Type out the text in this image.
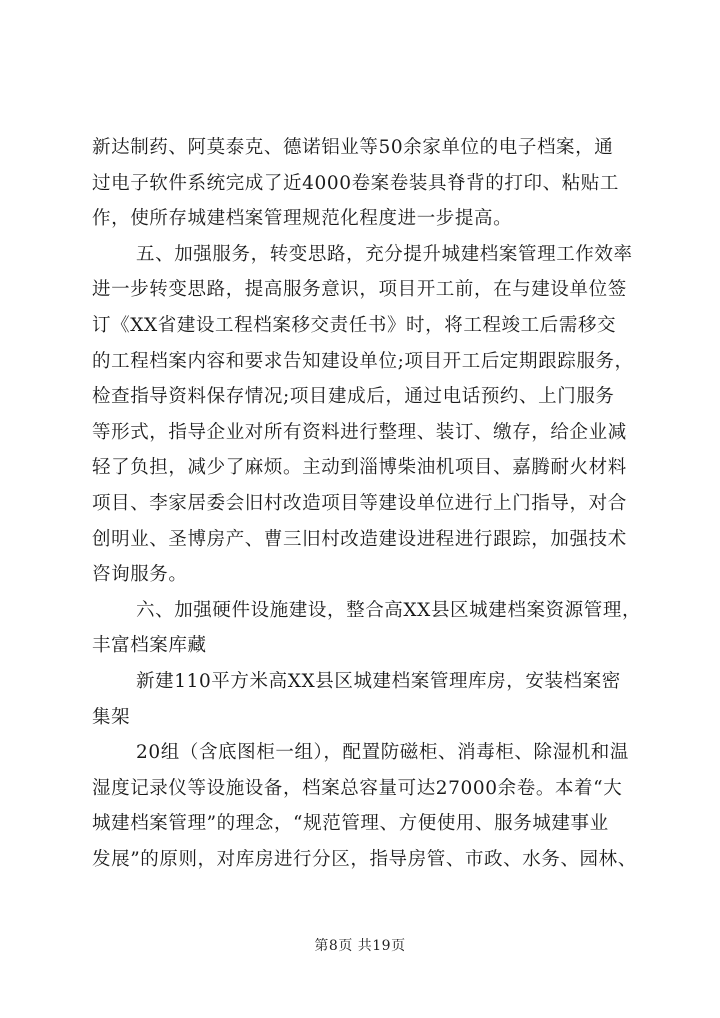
新达制药、阿莫泰克、德诺铝业等50余家单位的电子档案，通
过电子软件系统完成了近4000卷案卷装具脊背的打印、粘贴工
作，使所存城建档案管理规范化程度进一步提高。
五、加强服务，转变思路，充分提升城建档案管理工作效率
进一步转变思路，提高服务意识，项目开工前，在与建设单位签
订《XX省建设工程档案移交责任书》时，将工程竣工后需移交
的工程档案内容和要求告知建设单位;项目开工后定期跟踪服务，
检查指导资料保存情况;项目建成后，通过电话预约、上门服务
等形式，指导企业对所有资料进行整理、装订、缴存，给企业减
轻了负担，减少了麻烦。主动到淄博柴油机项目、嘉腾耐火材料
项目、李家居委会旧村改造项目等建设单位进行上门指导，对合
创明业、圣博房产、曹三旧村改造建设进程进行跟踪，加强技术
咨询服务。
六、加强硬件设施建设，整合高XX县区城建档案资源管理，
丰富档案库藏
新建110平方米高XX县区城建档案管理库房，安装档案密
集架
20组（含底图柜一组），配置防磁柜、消毒柜、除湿机和温
湿度记录仪等设施设备，档案总容量可达27000余卷。本着“大
城建档案管理”的理念，“规范管理、方便使用、服务城建事业
发展”的原则，对库房进行分区，指导房管、市政、水务、园林、
第8页 共19页
